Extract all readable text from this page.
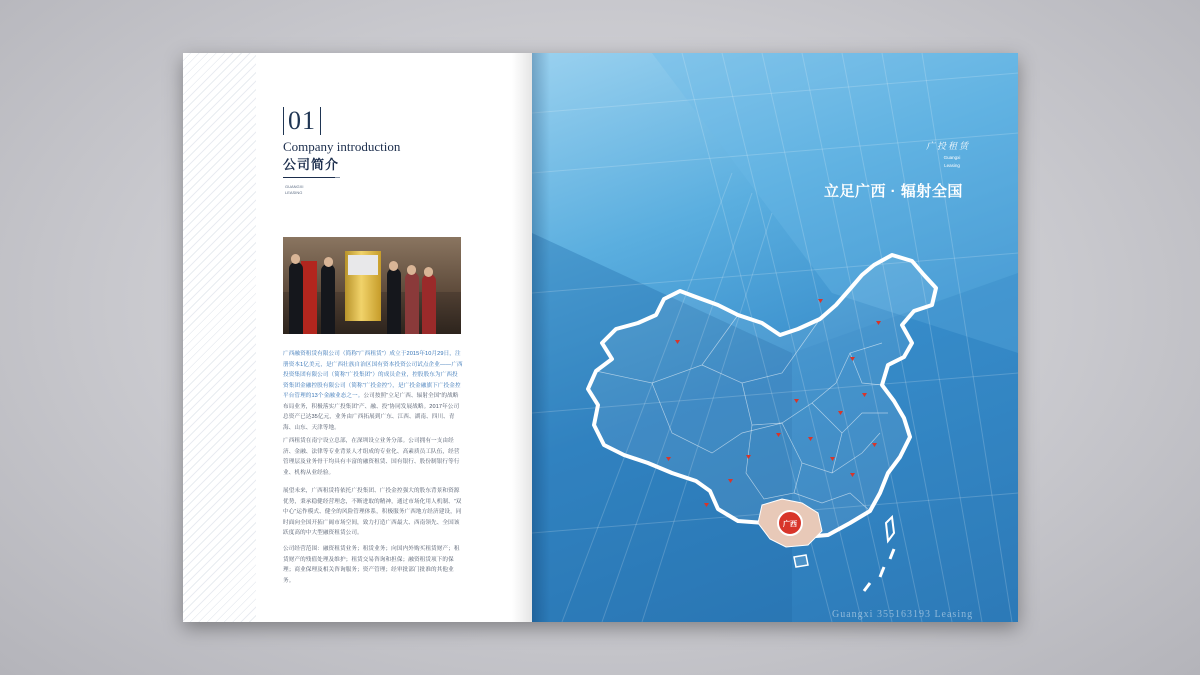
01
Company introduction
公司简介
GUANGXI
LEASING

广西融资租赁有限公司（简称“广西租赁”）成立于2015年10月29日，注册资本1亿美元，是广西壮族自治区国有资本投资公司试点企业——广西投资集团有限公司（简称“广投集团”）的成员企业，控股股东为广西投资集团金融控股有限公司（简称“广投金控”），是广投金融旗下广投金控平台管理的13个金融业态之一。公司按照“立足广西、辐射全国”的战略布局业务，积极落实广投集团“产、融、投”协同发展战略。2017年公司总资产已达35亿元，业务由广西拓展到广东、江西、湖南、四川、青海、山东、天津等地。

广西租赁在南宁设立总部，在深圳设立业务分部。公司拥有一支由经济、金融、法律等专业背景人才组成的专业化、高素质员工队伍，经营管理层及业务骨干均具有丰富的融资租赁、国有银行、股份制银行等行业、机构从业经验。

展望未来，广西租赁将依托广投集团、广投金控强大的股东背景和资源优势，秉承稳健经营理念，不断进取的精神，通过市场化用人机制、“双中心”运作模式、健全的风险管理体系，积极服务广西地方经济建设，同时面向全国开拓广阔市场空间，致力打造广西最大、西南领先、全国该跃度高的中大型融资租赁公司。

公司经营范围：融资租赁业务；租赁业务；向国内外购买租赁财产；租赁财产的残值处理及维护；租赁交易咨询和担保；融资租赁项下的保理；商业保理及相关咨询服务；资产管理；经审批部门批准的其他业务。

广投租赁
Guangxi
Leasing
立足广西 · 辐射全国
广西
Guangxi 355163193 Leasing
